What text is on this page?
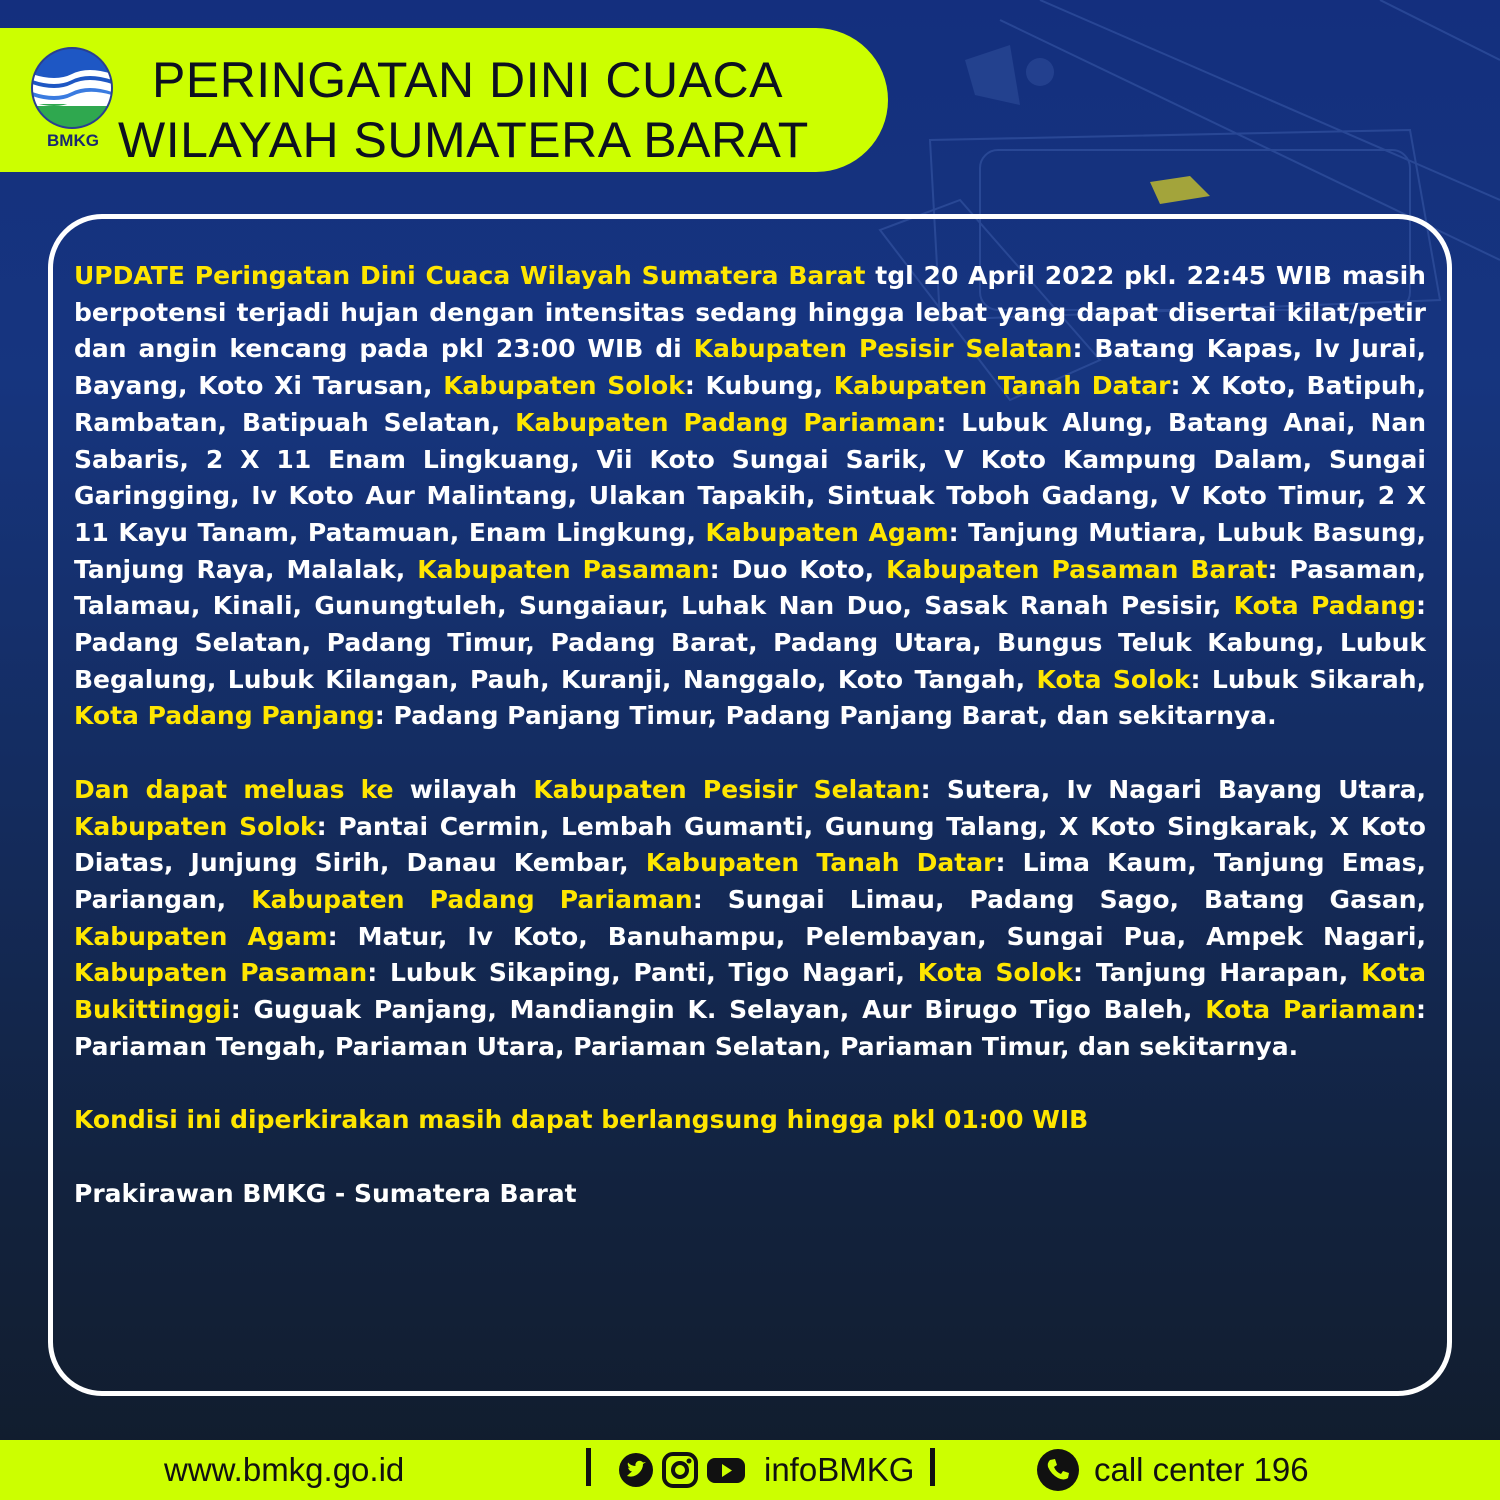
BMKG
PERINGATAN DINI CUACA
WILAYAH SUMATERA BARAT

UPDATE Peringatan Dini Cuaca Wilayah Sumatera Barat tgl 20 April 2022 pkl. 22:45 WIB masih berpotensi terjadi hujan dengan intensitas sedang hingga lebat yang dapat disertai kilat/petir dan angin kencang pada pkl 23:00 WIB di Kabupaten Pesisir Selatan: Batang Kapas, Iv Jurai, Bayang, Koto Xi Tarusan, Kabupaten Solok: Kubung, Kabupaten Tanah Datar: X Koto, Batipuh, Rambatan, Batipuah Selatan, Kabupaten Padang Pariaman: Lubuk Alung, Batang Anai, Nan Sabaris, 2 X 11 Enam Lingkuang, Vii Koto Sungai Sarik, V Koto Kampung Dalam, Sungai Garingging, Iv Koto Aur Malintang, Ulakan Tapakih, Sintuak Toboh Gadang, V Koto Timur, 2 X 11 Kayu Tanam, Patamuan, Enam Lingkung, Kabupaten Agam: Tanjung Mutiara, Lubuk Basung, Tanjung Raya, Malalak, Kabupaten Pasaman: Duo Koto, Kabupaten Pasaman Barat: Pasaman, Talamau, Kinali, Gunungtuleh, Sungaiaur, Luhak Nan Duo, Sasak Ranah Pesisir, Kota Padang: Padang Selatan, Padang Timur, Padang Barat, Padang Utara, Bungus Teluk Kabung, Lubuk Begalung, Lubuk Kilangan, Pauh, Kuranji, Nanggalo, Koto Tangah, Kota Solok: Lubuk Sikarah, Kota Padang Panjang: Padang Panjang Timur, Padang Panjang Barat, dan sekitarnya.

Dan dapat meluas ke wilayah Kabupaten Pesisir Selatan: Sutera, Iv Nagari Bayang Utara, Kabupaten Solok: Pantai Cermin, Lembah Gumanti, Gunung Talang, X Koto Singkarak, X Koto Diatas, Junjung Sirih, Danau Kembar, Kabupaten Tanah Datar: Lima Kaum, Tanjung Emas, Pariangan, Kabupaten Padang Pariaman: Sungai Limau, Padang Sago, Batang Gasan, Kabupaten Agam: Matur, Iv Koto, Banuhampu, Pelembayan, Sungai Pua, Ampek Nagari, Kabupaten Pasaman: Lubuk Sikaping, Panti, Tigo Nagari, Kota Solok: Tanjung Harapan, Kota Bukittinggi: Guguak Panjang, Mandiangin K. Selayan, Aur Birugo Tigo Baleh, Kota Pariaman: Pariaman Tengah, Pariaman Utara, Pariaman Selatan, Pariaman Timur, dan sekitarnya.

Kondisi ini diperkirakan masih dapat berlangsung hingga pkl 01:00 WIB

Prakirawan BMKG - Sumatera Barat

www.bmkg.go.id	infoBMKG	call center 196
